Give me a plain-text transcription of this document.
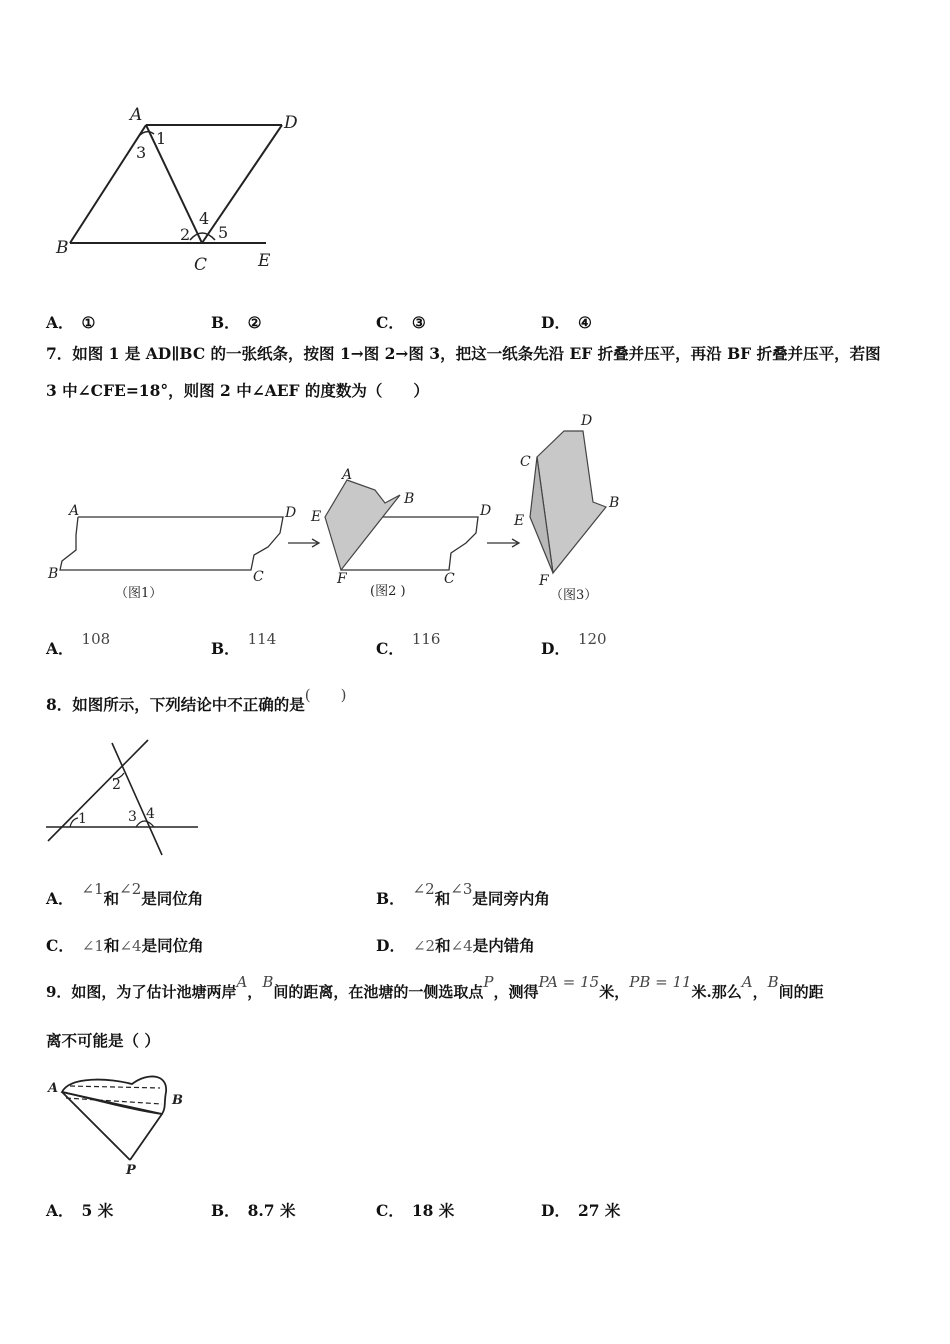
A	D
B
C	E
1
3
4
2 5
A． ①	B． ②	C． ③	D． ④
7．如图 1 是 AD∥BC 的一张纸条，按图 1→图 2→图 3，把这一纸条先沿 EF 折叠并压平，再沿 BF 折叠并压平，若图
3 中∠CFE=18°，则图 2 中∠AEF 的度数为（　　）
A	D
B	C
A
B
D
E
F	C
D
C
E
B
F
（图1）	(图2 )	（图3）
A． 108	B． 114	C． 116	D． 120
8．如图所示，下列结论中不正确的是(　　)
1
2
3 4
A． ∠1和∠2是同位角	B． ∠2和∠3是同旁内角
C． ∠1和∠4是同位角	D． ∠2和∠4是内错角
9．如图，为了估计池塘两岸A，B间的距离，在池塘的一侧选取点P，测得PA = 15米，PB = 11米.那么A，B间的距
离不可能是（ ）
A
B
P
A． 5 米	B． 8.7 米	C． 18 米	D． 27 米
